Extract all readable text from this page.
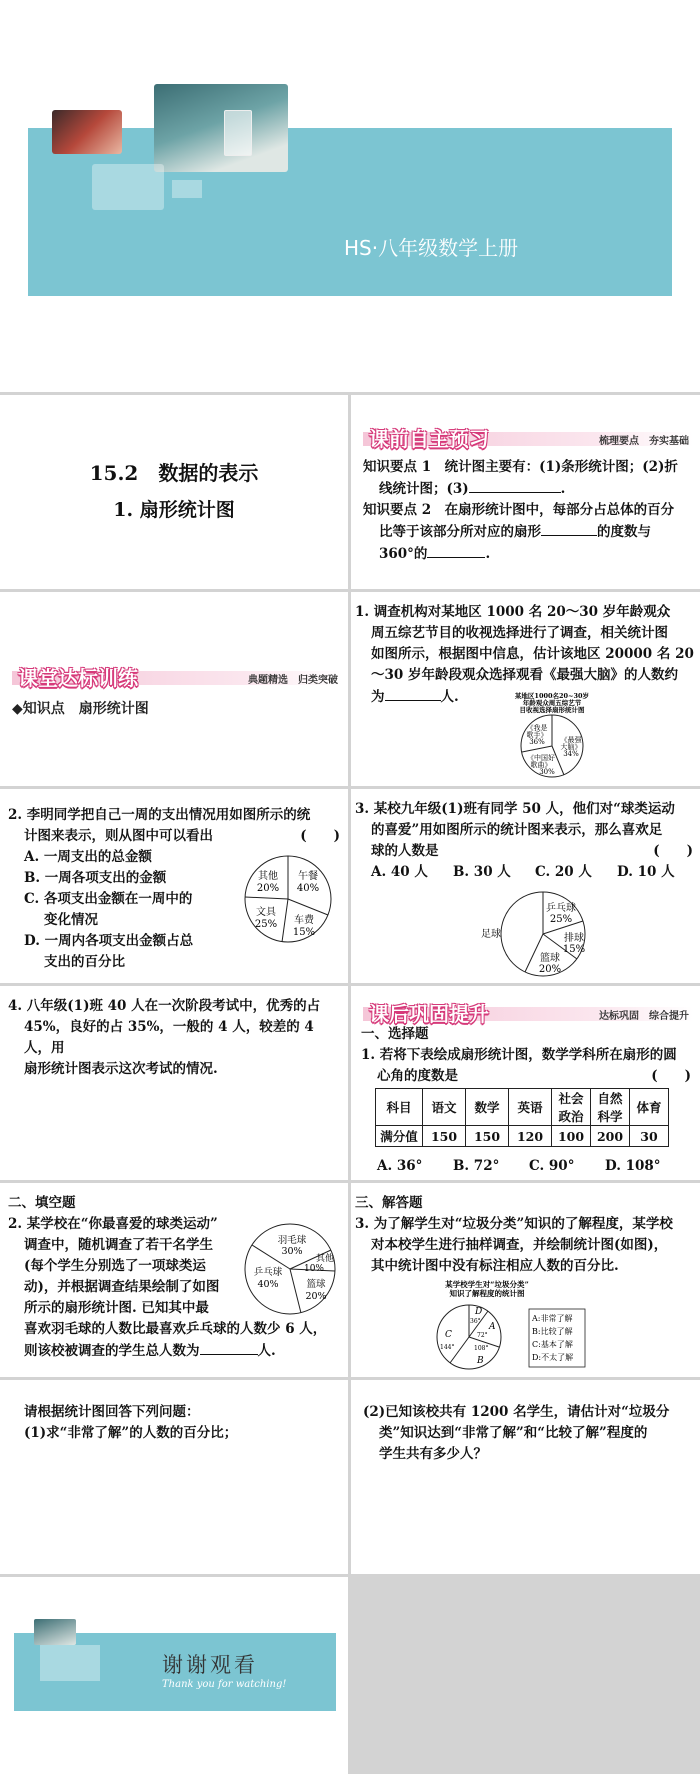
HS·八年级数学上册
15.2　数据的表示
1. 扇形统计图
课前自主预习	梳理要点　夯实基础

知识要点 1　统计图主要有：(1)条形统计图；(2)折

线统计图；(3)	.

知识要点 2　在扇形统计图中，每部分占总体的百分

比等于该部分所对应的扇形	的度数与

360°的	.

课堂达标训练	典题精选　归类突破
◆知识点　扇形统计图

1. 调查机构对某地区 1000 名 20～30 岁年龄观众

周五综艺节目的收视选择进行了调查，相关统计图

如图所示，根据图中信息，估计该地区 20000 名 20

～30 岁年龄段观众选择观看《最强大脑》的人数约

为	人.	某地区1000名20~30岁
年龄观众周五综艺节
目收视选择扇形统计图
《我是
歌手》
36% 《最强
大脑》
34%
《中国好
歌曲》
30%

2. 李明同学把自己一周的支出情况用如图所示的统

计图来表示，则从图中可以看出	(　　)

A. 一周支出的总金额

B. 一周各项支出的金额

C. 各项支出金额在一周中的

变化情况

D. 一周内各项支出金额占总

支出的百分比

其他
20%
午餐
40%
文具
25% 车费
15%

3. 某校九年级(1)班有同学 50 人，他们对“球类运动

的喜爱”用如图所示的统计图来表示，那么喜欢足

球的人数是	(　　)

A. 40 人 B. 30 人 C. 20 人 D. 10 人

足球
乒乓球
25%
排球
15%
篮球
20%

4. 八年级(1)班 40 人在一次阶段考试中，优秀的占

45%，良好的占 35%，一般的 4 人，较差的 4 人，用

扇形统计图表示这次考试的情况.

课后巩固提升	达标巩固　综合提升

一、选择题

1. 若将下表绘成扇形统计图，数学学科所在扇形的圆

心角的度数是	(　　)

科目	语文	数学	英语	社会政治	自然科学	体育
满分值	150	150	120	100	200	30
A. 36° B. 72° C. 90° D. 108°

二、填空题

2. 某学校在“你最喜爱的球类运动”

调查中，随机调查了若干名学生

(每个学生分别选了一项球类运

动)，并根据调查结果绘制了如图

所示的扇形统计图. 已知其中最

喜欢羽毛球的人数比最喜欢乒乓球的人数少 6 人，

则该校被调查的学生总人数为	人.

羽毛球
30%
其他
10%
篮球
20%
乒乓球
40%

三、解答题

3. 为了解学生对“垃圾分类”知识的了解程度，某学校

对本校学生进行抽样调查，并绘制统计图(如图)，

其中统计图中没有标注相应人数的百分比.

某学校学生对“垃圾分类”
知识了解程度的统计图
D
A
C
B
36°
72°
144°	108°
A:非常了解
B:比较了解
C:基本了解
D:不太了解

请根据统计图回答下列问题：

(1)求“非常了解”的人数的百分比；

(2)已知该校共有 1200 名学生，请估计对“垃圾分

类”知识达到“非常了解”和“比较了解”程度的

学生共有多少人？

谢谢观看
Thank you for watching!
